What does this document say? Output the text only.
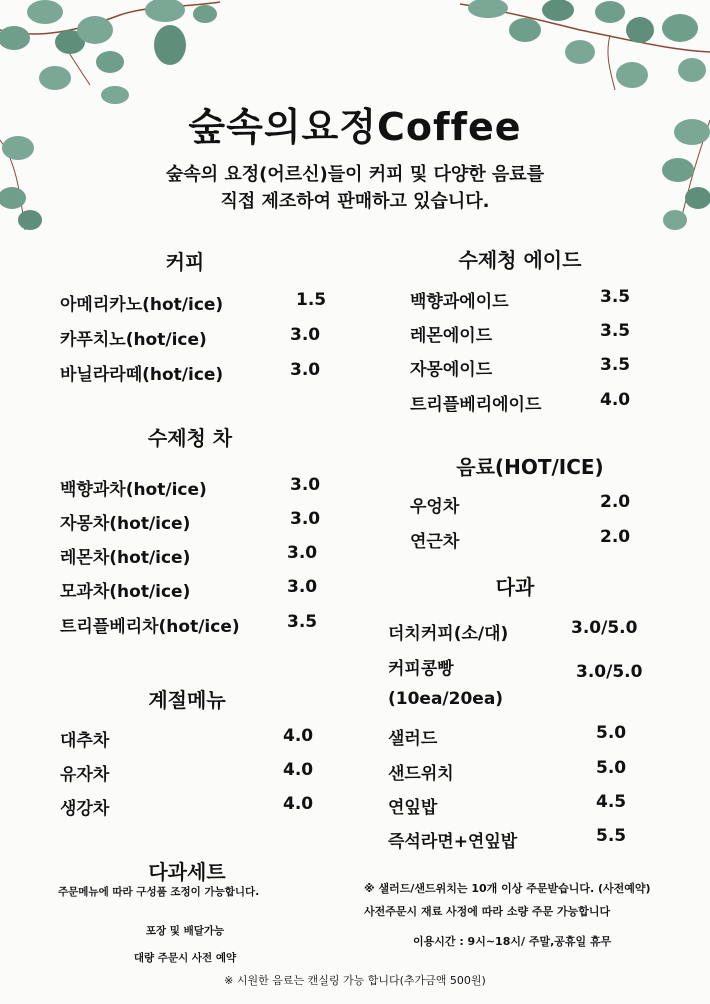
숲속의요정Coffee
숲속의 요정(어르신)들이 커피 및 다양한 음료를
직접 제조하여 판매하고 있습니다.
커피
아메리카노(hot/ice)	1.5
카푸치노(hot/ice)	3.0
바닐라라떼(hot/ice)	3.0
수제청 차
백향과차(hot/ice)	3.0
자몽차(hot/ice)	3.0
레몬차(hot/ice)	3.0
모과차(hot/ice)	3.0
트리플베리차(hot/ice)	3.5
계절메뉴
대추차	4.0
유자차	4.0
생강차	4.0
다과세트
주문메뉴에 따라 구성품 조정이 가능합니다.
포장 및 배달가능
대량 주문시 사전 예약
수제청 에이드
백향과에이드	3.5
레몬에이드	3.5
자몽에이드	3.5
트리플베리에이드	4.0
음료(HOT/ICE)
우엉차	2.0
연근차	2.0
다과
더치커피(소/대)	3.0/5.0
커피콩빵	3.0/5.0
(10ea/20ea)
샐러드	5.0
샌드위치	5.0
연잎밥	4.5
즉석라면+연잎밥	5.5
※ 샐러드/샌드위치는 10개 이상 주문받습니다. (사전예약)
사전주문시 재료 사정에 따라 소량 주문 가능합니다
이용시간 : 9시~18시/ 주말,공휴일 휴무
※ 시원한 음료는 캔실링 가능 합니다(추가금액 500원)
